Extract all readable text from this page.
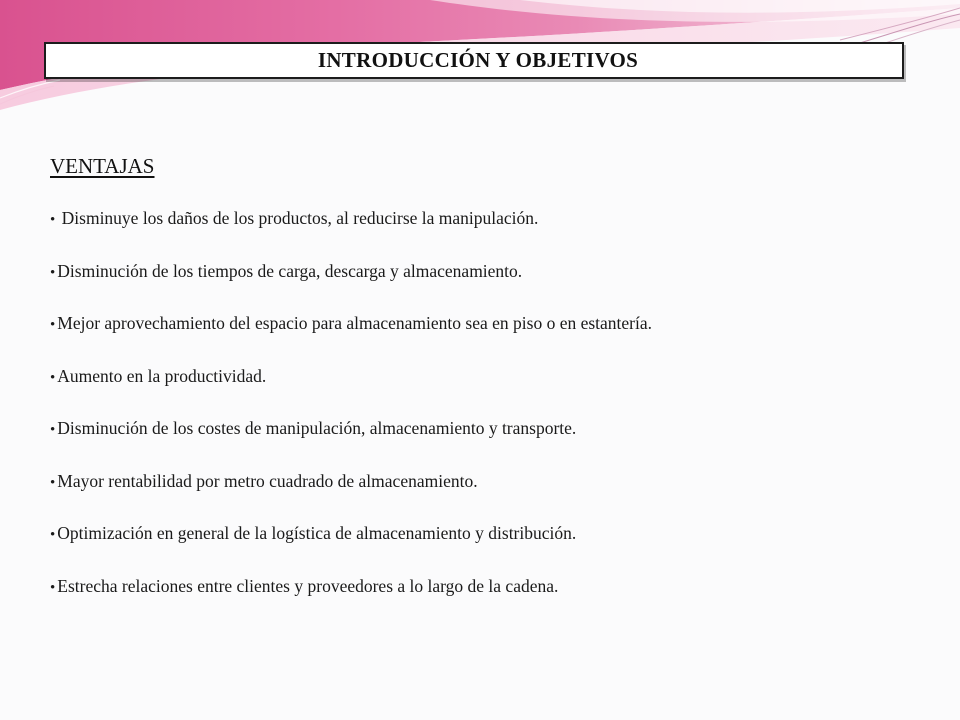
INTRODUCCIÓN Y OBJETIVOS
VENTAJAS
• Disminuye los daños de los productos, al reducirse la manipulación.
• Disminución de los tiempos de carga, descarga y almacenamiento.
• Mejor aprovechamiento del espacio para almacenamiento sea en piso o en estantería.
• Aumento en la productividad.
• Disminución de los costes de manipulación, almacenamiento y transporte.
• Mayor rentabilidad por metro cuadrado de almacenamiento.
• Optimización en general de la logística de almacenamiento y distribución.
• Estrecha relaciones entre clientes y proveedores a lo largo de la cadena.
